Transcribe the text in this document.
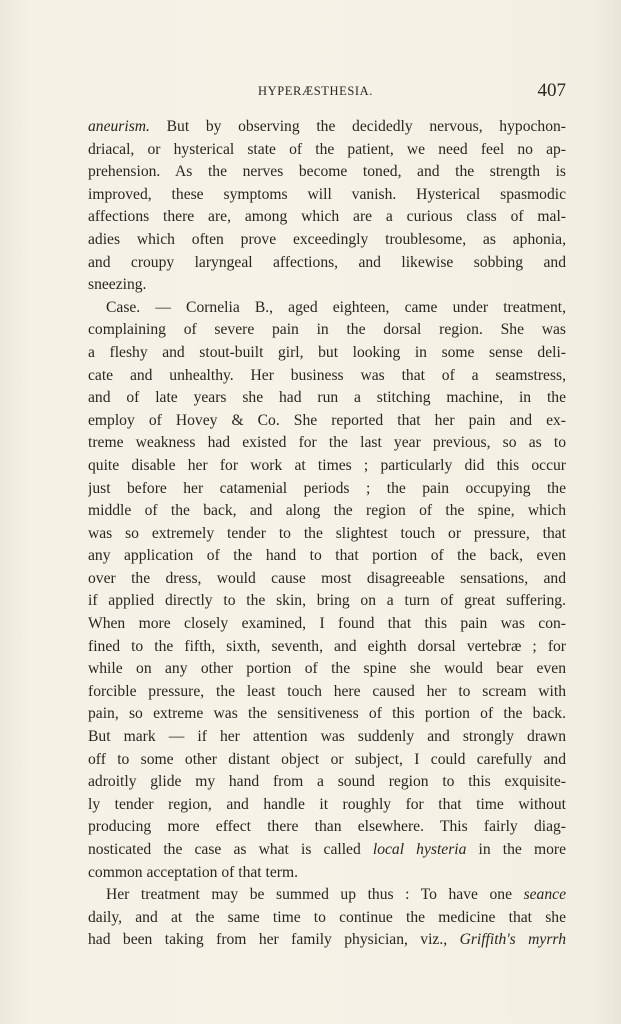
HYPERÆSTHESIA.	407
aneurism. But by observing the decidedly nervous, hypochon-
driacal, or hysterical state of the patient, we need feel no ap-
prehension. As the nerves become toned, and the strength is
improved, these symptoms will vanish. Hysterical spasmodic
affections there are, among which are a curious class of mal-
adies which often prove exceedingly troublesome, as aphonia,
and croupy laryngeal affections, and likewise sobbing and
sneezing.
Case. — Cornelia B., aged eighteen, came under treatment,
complaining of severe pain in the dorsal region. She was
a fleshy and stout-built girl, but looking in some sense deli-
cate and unhealthy. Her business was that of a seamstress,
and of late years she had run a stitching machine, in the
employ of Hovey & Co. She reported that her pain and ex-
treme weakness had existed for the last year previous, so as to
quite disable her for work at times ; particularly did this occur
just before her catamenial periods ; the pain occupying the
middle of the back, and along the region of the spine, which
was so extremely tender to the slightest touch or pressure, that
any application of the hand to that portion of the back, even
over the dress, would cause most disagreeable sensations, and
if applied directly to the skin, bring on a turn of great suffering.
When more closely examined, I found that this pain was con-
fined to the fifth, sixth, seventh, and eighth dorsal vertebræ ; for
while on any other portion of the spine she would bear even
forcible pressure, the least touch here caused her to scream with
pain, so extreme was the sensitiveness of this portion of the back.
But mark — if her attention was suddenly and strongly drawn
off to some other distant object or subject, I could carefully and
adroitly glide my hand from a sound region to this exquisite-
ly tender region, and handle it roughly for that time without
producing more effect there than elsewhere. This fairly diag-
nosticated the case as what is called local hysteria in the more
common acceptation of that term.
Her treatment may be summed up thus : To have one seance
daily, and at the same time to continue the medicine that she
had been taking from her family physician, viz., Griffith's myrrh
